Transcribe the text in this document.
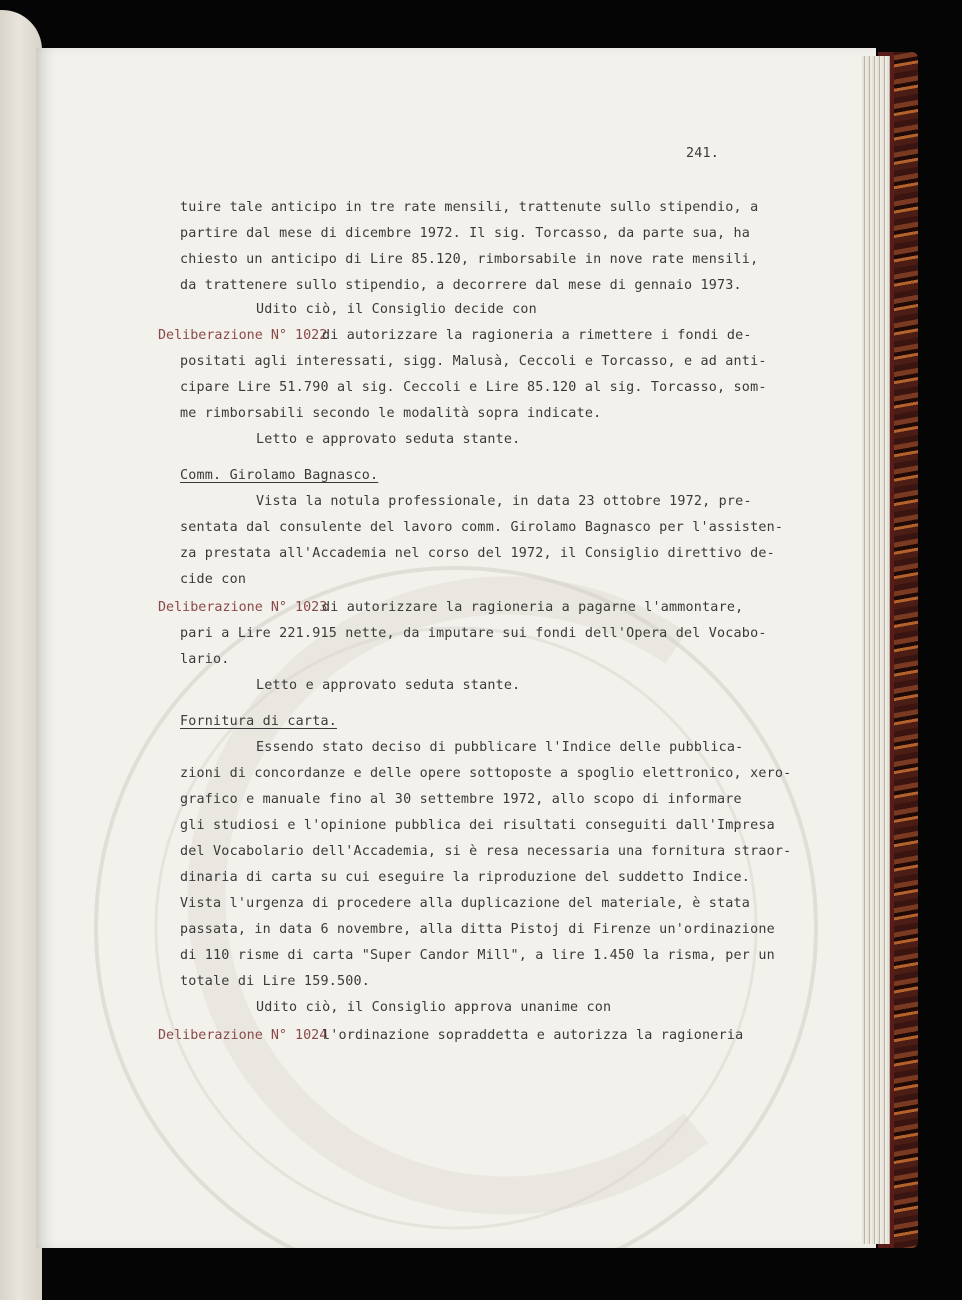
241.
tuire tale anticipo in tre rate mensili, trattenute sullo stipendio, a
partire dal mese di dicembre 1972. Il sig. Torcasso, da parte sua, ha
chiesto un anticipo di Lire 85.120, rimborsabile in nove rate mensili,
da trattenere sullo stipendio, a decorrere dal mese di gennaio 1973.
Udito ciò, il Consiglio decide con
Deliberazione N° 1022
di autorizzare la ragioneria a rimettere i fondi de-
positati agli interessati, sigg. Malusà, Ceccoli e Torcasso, e ad anti-
cipare Lire 51.790 al sig. Ceccoli e Lire 85.120 al sig. Torcasso, som-
me rimborsabili secondo le modalità sopra indicate.
Letto e approvato seduta stante.
Comm. Girolamo Bagnasco.
Vista la notula professionale, in data 23 ottobre 1972, pre-
sentata dal consulente del lavoro comm. Girolamo Bagnasco per l'assisten-
za prestata all'Accademia nel corso del 1972, il Consiglio direttivo de-
cide con
Deliberazione N° 1023
di autorizzare la ragioneria a pagarne l'ammontare,
pari a Lire 221.915 nette, da imputare sui fondi dell'Opera del Vocabo-
lario.
Letto e approvato seduta stante.
Fornitura di carta.
Essendo stato deciso di pubblicare l'Indice delle pubblica-
zioni di concordanze e delle opere sottoposte a spoglio elettronico, xero-
grafico e manuale fino al 30 settembre 1972, allo scopo di informare
gli studiosi e l'opinione pubblica dei risultati conseguiti dall'Impresa
del Vocabolario dell'Accademia, si è resa necessaria una fornitura straor-
dinaria di carta su cui eseguire la riproduzione del suddetto Indice.
Vista l'urgenza di procedere alla duplicazione del materiale, è stata
passata, in data 6 novembre, alla ditta Pistoj di Firenze un'ordinazione
di 110 risme di carta "Super Candor Mill", a lire 1.450 la risma, per un
totale di Lire 159.500.
Udito ciò, il Consiglio approva unanime con
Deliberazione N° 1024
l'ordinazione sopraddetta e autorizza la ragioneria
